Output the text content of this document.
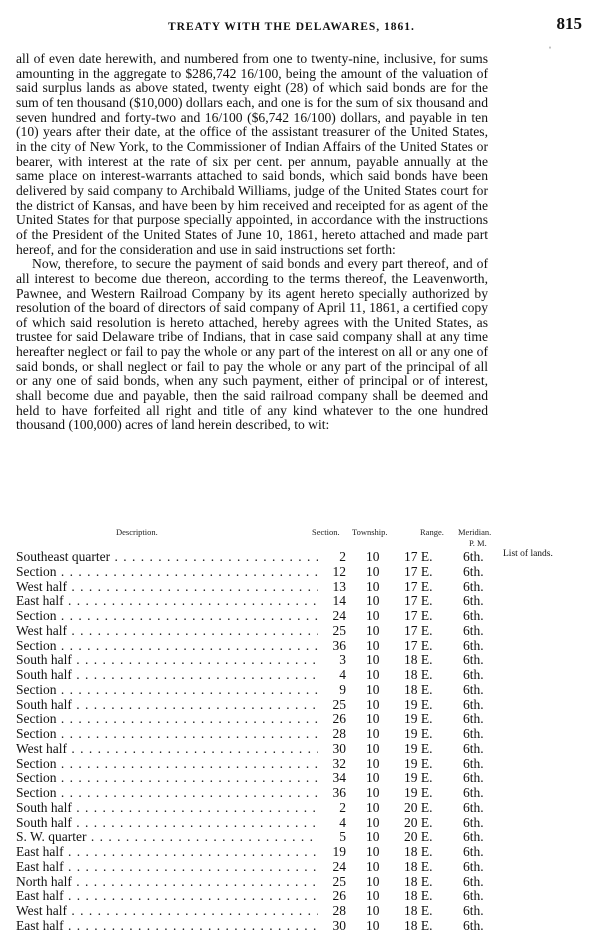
TREATY WITH THE DELAWARES, 1861.	815
ˌ

all of even date herewith, and numbered from one to twenty-nine, inclusive, for sums amounting in the aggregate to $286,742 16/100, being the amount of the valuation of said surplus lands as above stated, twenty eight (28) of which said bonds are for the sum of ten thousand ($10,000) dollars each, and one is for the sum of six thousand and seven hundred and forty-two and 16/100 ($6,742 16/100) dollars, and payable in ten (10) years after their date, at the office of the assistant treasurer of the United States, in the city of New York, to the Commissioner of Indian Affairs of the United States or bearer, with interest at the rate of six per cent. per annum, payable annually at the same place on interest-warrants attached to said bonds, which said bonds have been delivered by said company to Archibald Williams, judge of the United States court for the district of Kansas, and have been by him received and receipted for as agent of the United States for that purpose specially appointed, in accordance with the instructions of the President of the United States of June 10, 1861, hereto attached and made part hereof, and for the consideration and use in said instructions set forth:

Now, therefore, to secure the payment of said bonds and every part thereof, and of all interest to become due thereon, according to the terms thereof, the Leavenworth, Pawnee, and Western Railroad Company by its agent hereto specially authorized by resolution of the board of directors of said company of April 11, 1861, a certified copy of which said resolution is hereto attached, hereby agrees with the United States, as trustee for said Delaware tribe of Indians, that in case said company shall at any time hereafter neglect or fail to pay the whole or any part of the interest on all or any one of said bonds, or shall neglect or fail to pay the whole or any part of the principal of all or any one of said bonds, when any such payment, either of principal or of interest, shall become due and payable, then the said railroad company shall be deemed and held to have forfeited all right and title of any kind whatever to the one hundred thousand (100,000) acres of land herein described, to wit:

Description.	Section. Township.	Range. Meridian.
P. M.
List of lands.
Southeast quarter . . .	2 10	17 E.	6th.
Section . . .	12 10	17 E.	6th.
West half . . .	13 10	17 E.	6th.
East half . . .	14 10	17 E.	6th.
Section . . .	24 10	17 E.	6th.
West half . . .	25 10	17 E.	6th.
Section . . .	36 10	17 E.	6th.
South half . . .	3 10	18 E.	6th.
South half . . .	4 10	18 E.	6th.
Section . . .	9 10	18 E.	6th.
South half . . .	25 10	19 E.	6th.
Section . . .	26 10	19 E.	6th.
Section . . .	28 10	19 E.	6th.
West half . . .	30 10	19 E.	6th.
Section . . .	32 10	19 E.	6th.
Section . . .	34 10	19 E.	6th.
Section . . .	36 10	19 E.	6th.
South half . . .	2 10	20 E.	6th.
South half . . .	4 10	20 E.	6th.
S. W. quarter . . .	5 10	20 E.	6th.
East half . . .	19 10	18 E.	6th.
East half . . .	24 10	18 E.	6th.
North half . . .	25 10	18 E.	6th.
East half . . .	26 10	18 E.	6th.
West half . . .	28 10	18 E.	6th.
East half . . .	30 10	18 E.	6th.
